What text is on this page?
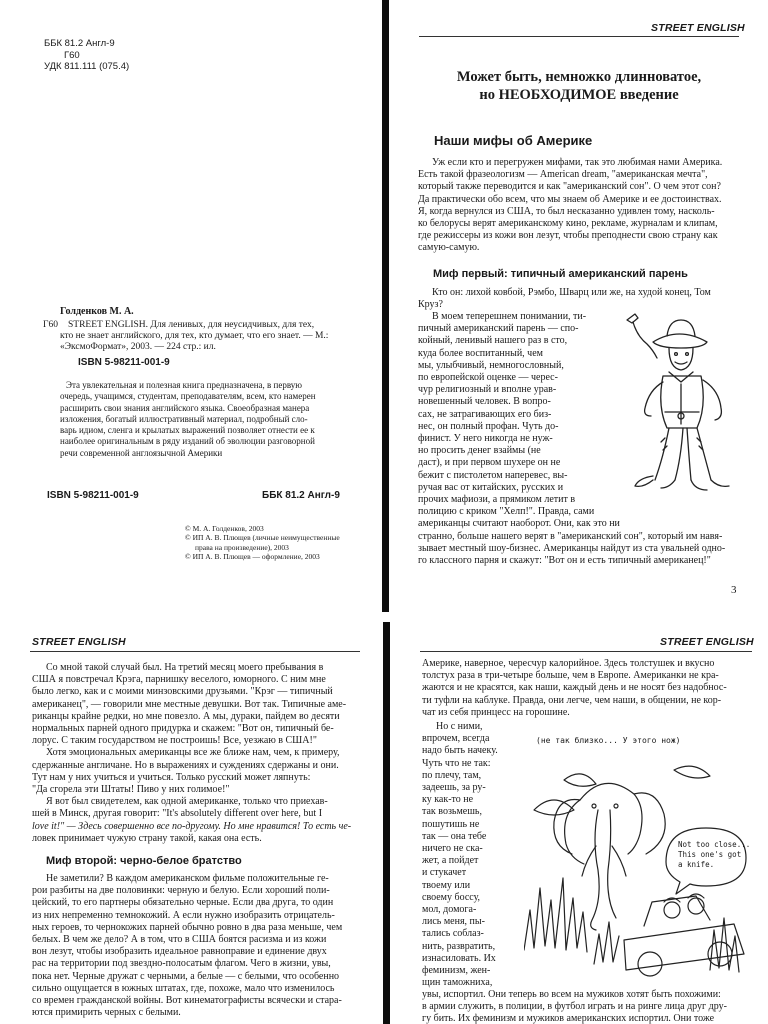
ББК 81.2 Англ-9
Г60
УДК 811.111 (075.4)
Голденков М. А.
Г60	STREET ENGLISH. Для ленивых, для неусидчивых, для тех,
кто не знает английского, для тех, кто думает, что его знает. — М.:
«ЭксмоФормат», 2003. — 224 стр.: ил.
ISBN 5-98211-001-9
Эта увлекательная и полезная книга предназначена, в первую
очередь, учащимся, студентам, преподавателям, всем, кто намерен
расширить свои знания английского языка. Своеобразная манера
изложения, богатый иллюстративный материал, подробный сло-
варь идиом, сленга и крылатых выражений позволяет отнести ее к
наиболее оригинальным в ряду изданий об эволюции разговорной
речи современной англоязычной Америки
ISBN 5-98211-001-9	ББК 81.2 Англ-9
© М. А. Голденков, 2003
© ИП А. В. Плющев (личные неимущественные
права на произведение), 2003
© ИП А. В. Плющев — оформление, 2003
STREET ENGLISH
Может быть, немножко длинноватое,
но НЕОБХОДИМОЕ введение
Наши мифы об Америке
Уж если кто и перегружен мифами, так это любимая нами Америка.
Есть такой фразеологизм — American dream, "американская мечта",
который также переводится и как "американский сон". О чем этот сон?
Да практически обо всем, что мы знаем об Америке и ее достоинствах.
Я, когда вернулся из США, то был несказанно удивлен тому, насколь-
ко белорусы верят американскому кино, рекламе, журналам и клипам,
где режиссеры из кожи вон лезут, чтобы преподнести свою страну как
самую-самую.
Миф первый: типичный американский парень
Кто он: лихой ковбой, Рэмбо, Шварц или же, на худой конец, Том
Круз?
В моем теперешнем понимании, ти-
пичный американский парень — спо-
койный, ленивый нашего раз в сто,
куда более воспитанный, чем
мы, улыбчивый, немногословный,
по европейской оценке — черес-
чур религиозный и вполне урав-
новешенный человек. В вопро-
сах, не затрагивающих его биз-
нес, он полный профан. Чуть до-
финист. У него никогда не нуж-
но просить денег взаймы (не
даст), и при первом шухере он не
бежит с пистолетом наперевес, вы-
ручая вас от китайских, русских и
прочих мафиози, а прямиком летит в
полицию с криком "Хелп!". Правда, сами
американцы считают наоборот. Они, как это ни
странно, больше нашего верят в "американский сон", который им навя-
зывает местный шоу-бизнес. Американцы найдут из ста увальней одно-
го классного парня и скажут: "Вот он и есть типичный американец!"
3
STREET ENGLISH
Со мной такой случай был. На третий месяц моего пребывания в
США я повстречал Крэга, парнишку веселого, юморного. С ним мне
было легко, как и с моими минзовскими друзьями. "Крэг — типичный
американец", — говорили мне местные девушки. Вот так. Типичные аме-
риканцы крайне редки, но мне повезло. А мы, дураки, пайдем во десяти
нормальных парней одного придурка и скажем: "Вот он, типичный бе-
лорус. С таким государством не построишь! Все, уезжаю в США!"
Хотя эмоциональных американцы все же ближе нам, чем, к примеру,
сдержанные англичане. Но в выражениях и суждениях сдержаны и они.
Тут нам у них учиться и учиться. Только русский может ляпнуть:
"Да сгорела эти Штаты! Пиво у них голимое!"
Я вот был свидетелем, как одной американке, только что приехав-
шей в Минск, другая говорит: "It's absolutely different over here, but I
love it!" — Здесь совершенно все по-другому. Но мне нравится! То есть че-
ловек принимает чужую страну такой, какая она есть.
Миф второй: черно-белое братство
Не заметили? В каждом американском фильме положительные ге-
рои разбиты на две половинки: черную и белую. Если хороший поли-
цейский, то его партнеры обязательно черные. Если два друга, то один
из них непременно темнокожий. А если нужно изобразить отрицатель-
ных героев, то чернокожих парней обычно ровно в два раза меньше, чем
белых. В чем же дело? А в том, что в США боятся расизма и из кожи
вон лезут, чтобы изобразить идеальное равноправие и единение двух
рас на территории под звездно-полосатым флагом. Чего в жизни, увы,
пока нет. Черные дружат с черными, а белые — с белыми, что особенно
сильно ощущается в южных штатах, где, похоже, мало что изменилось
со времен гражданской войны. Вот кинематографисты всячески и стара-
ются примирить черных с белыми.
STREET ENGLISH
Америке, наверное, чересчур калорийное. Здесь толстушек и вкусно
толстух раза в три-четыре больше, чем в Европе. Американки не кра-
жаются и не красятся, как наши, каждый день и не носят без надобнос-
ти туфли на каблуке. Правда, они легче, чем наши, в общении, не кор-
чат из себя принцесс на горошине.
Но с ними,
впрочем, всегда
надо быть начеку.
Чуть что не так:
по плечу, там,
задеешь, за ру-
ку как-то не
так возьмешь,
пошутишь не
так — она тебе
ничего не ска-
жет, а пойдет
и стукачет
твоему или
своему боссу,
мол, домога-
лись меня, пы-
тались соблаз-
нить, развратить,
изнасиловать. Их
феминизм, жен-
щин таможниха,
(не так близко... У этого нож)
Not too close...
This one's got
a knife.
увы, испортил. Они теперь во всем на мужиков хотят быть похожими:
в армии служить, в полиции, в футбол играть и на ринге лица друг дру-
гу бить. Их феминизм и мужиков американских испортил. Они тоже
